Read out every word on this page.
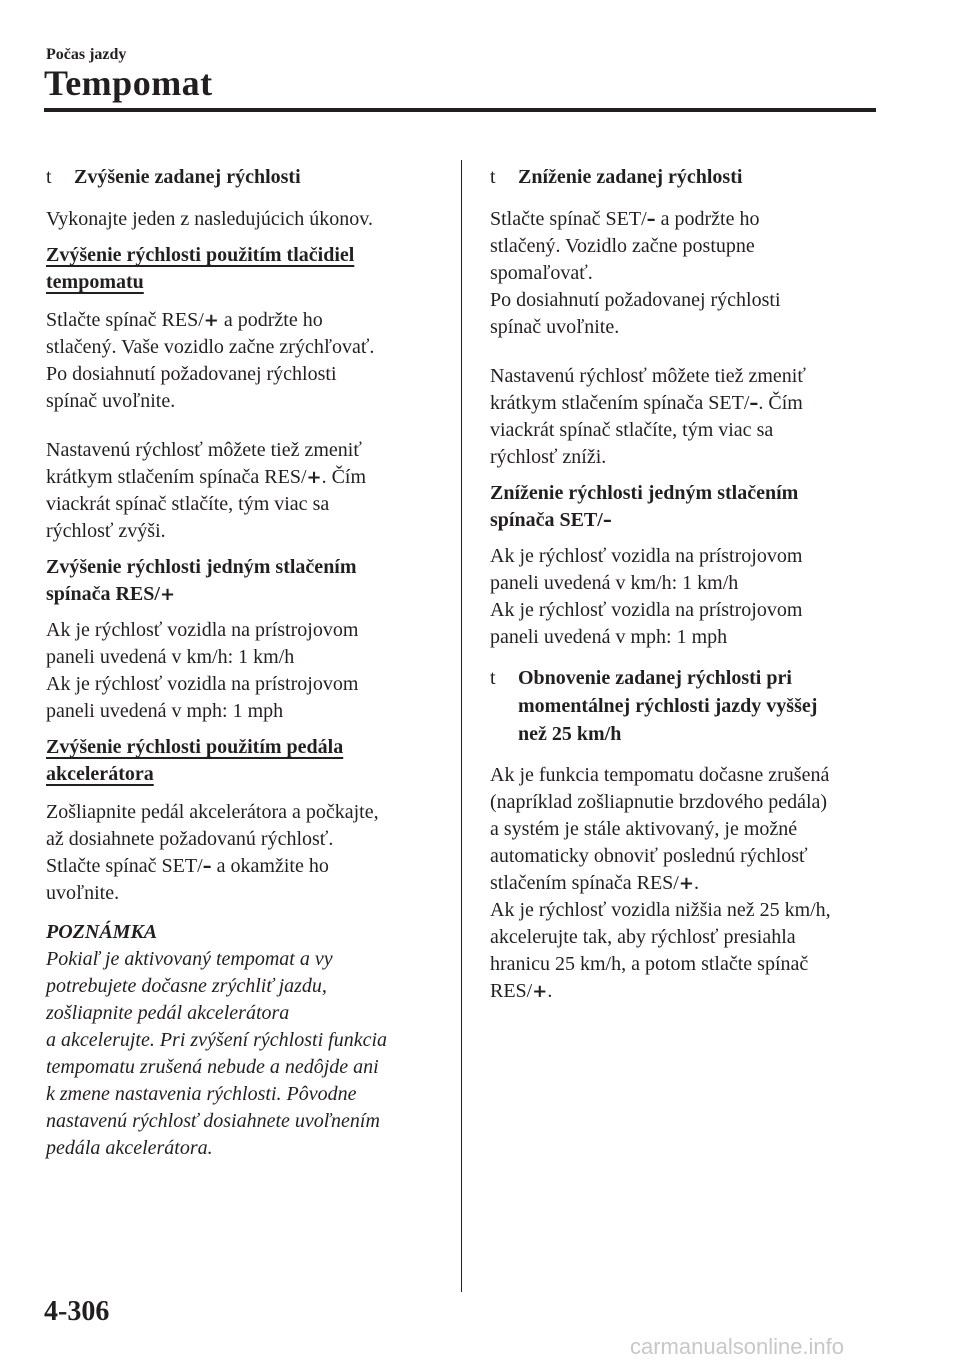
Počas jazdy
Tempomat

t Zvýšenie zadanej rýchlosti

Vykonajte jeden z nasledujúcich úkonov.

Zvýšenie rýchlosti použitím tlačidiel
tempomatu

Stlačte spínač RES/+ a podržte ho
stlačený. Vaše vozidlo začne zrýchľovať.
Po dosiahnutí požadovanej rýchlosti
spínač uvoľnite.
Nastavenú rýchlosť môžete tiež zmeniť
krátkym stlačením spínača RES/+. Čím
viackrát spínač stlačíte, tým viac sa
rýchlosť zvýši.

Zvýšenie rýchlosti jedným stlačením
spínača RES/+

Ak je rýchlosť vozidla na prístrojovom
paneli uvedená v km/h: 1 km/h
Ak je rýchlosť vozidla na prístrojovom
paneli uvedená v mph: 1 mph

Zvýšenie rýchlosti použitím pedála
akcelerátora

Zošliapnite pedál akcelerátora a počkajte,
až dosiahnete požadovanú rýchlosť.
Stlačte spínač SET/– a okamžite ho
uvoľnite.

POZNÁMKA

Pokiaľ je aktivovaný tempomat a vy
potrebujete dočasne zrýchliť jazdu,
zošliapnite pedál akcelerátora
a akcelerujte. Pri zvýšení rýchlosti funkcia
tempomatu zrušená nebude a nedôjde ani
k zmene nastavenia rýchlosti. Pôvodne
nastavenú rýchlosť dosiahnete uvoľnením
pedála akcelerátora.

t Zníženie zadanej rýchlosti

Stlačte spínač SET/– a podržte ho
stlačený. Vozidlo začne postupne
spomaľovať.
Po dosiahnutí požadovanej rýchlosti
spínač uvoľnite.
Nastavenú rýchlosť môžete tiež zmeniť
krátkym stlačením spínača SET/–. Čím
viackrát spínač stlačíte, tým viac sa
rýchlosť zníži.

Zníženie rýchlosti jedným stlačením
spínača SET/–

Ak je rýchlosť vozidla na prístrojovom
paneli uvedená v km/h: 1 km/h
Ak je rýchlosť vozidla na prístrojovom
paneli uvedená v mph: 1 mph

t Obnovenie zadanej rýchlosti pri
momentálnej rýchlosti jazdy vyššej
než 25 km/h

Ak je funkcia tempomatu dočasne zrušená
(napríklad zošliapnutie brzdového pedála)
a systém je stále aktivovaný, je možné
automaticky obnoviť poslednú rýchlosť
stlačením spínača RES/+.
Ak je rýchlosť vozidla nižšia než 25 km/h,
akcelerujte tak, aby rýchlosť presiahla
hranicu 25 km/h, a potom stlačte spínač
RES/+.
4-306
carmanualsonline.info
